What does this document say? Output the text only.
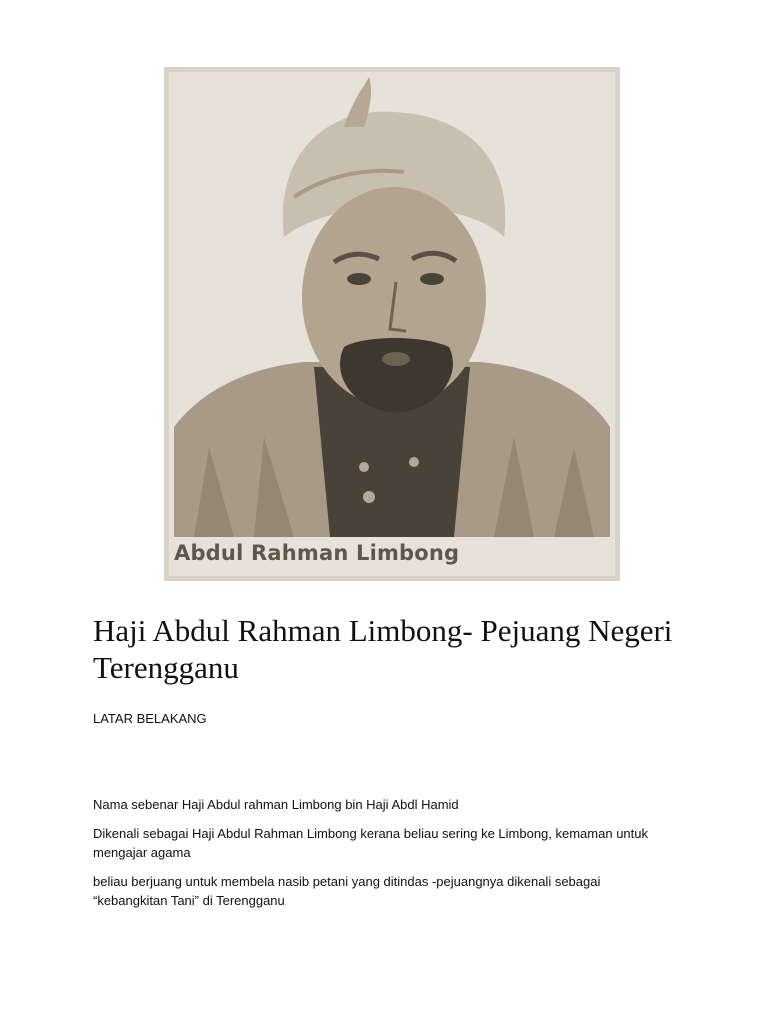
Abdul Rahman Limbong
Haji Abdul Rahman Limbong- Pejuang Negeri Terengganu
LATAR BELAKANG

Nama sebenar Haji Abdul rahman Limbong bin Haji Abdl Hamid

Dikenali sebagai Haji Abdul Rahman Limbong kerana beliau sering ke Limbong, kemaman untuk mengajar agama

beliau berjuang untuk membela nasib petani yang ditindas -pejuangnya dikenali sebagai “kebangkitan Tani” di Terengganu
